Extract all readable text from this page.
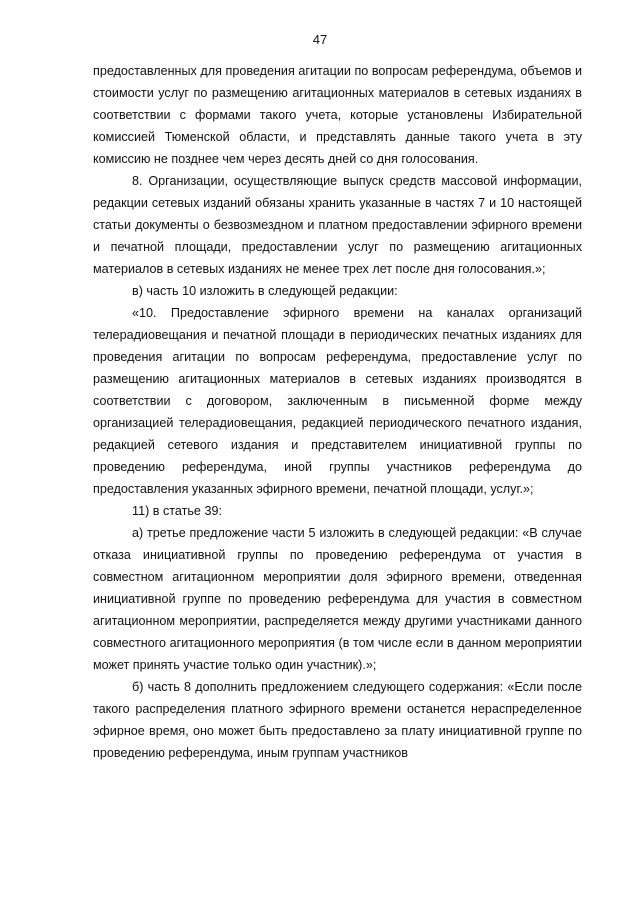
47

предоставленных для проведения агитации по вопросам референдума, объемов и стоимости услуг по размещению агитационных материалов в сетевых изданиях в соответствии с формами такого учета, которые установлены Избирательной комиссией Тюменской области, и представлять данные такого учета в эту комиссию не позднее чем через десять дней со дня голосования.

8. Организации, осуществляющие выпуск средств массовой информации, редакции сетевых изданий обязаны хранить указанные в частях 7 и 10 настоящей статьи документы о безвозмездном и платном предоставлении эфирного времени и печатной площади, предоставлении услуг по размещению агитационных материалов в сетевых изданиях не менее трех лет после дня голосования.»;

в) часть 10 изложить в следующей редакции:

«10. Предоставление эфирного времени на каналах организаций телерадиовещания и печатной площади в периодических печатных изданиях для проведения агитации по вопросам референдума, предоставление услуг по размещению агитационных материалов в сетевых изданиях производятся в соответствии с договором, заключенным в письменной форме между организацией телерадиовещания, редакцией периодического печатного издания, редакцией сетевого издания и представителем инициативной группы по проведению референдума, иной группы участников референдума до предоставления указанных эфирного времени, печатной площади, услуг.»;

11) в статье 39:

а) третье предложение части 5 изложить в следующей редакции: «В случае отказа инициативной группы по проведению референдума от участия в совместном агитационном мероприятии доля эфирного времени, отведенная инициативной группе по проведению референдума для участия в совместном агитационном мероприятии, распределяется между другими участниками данного совместного агитационного мероприятия (в том числе если в данном мероприятии может принять участие только один участник).»;

б) часть 8 дополнить предложением следующего содержания: «Если после такого распределения платного эфирного времени останется нераспределенное эфирное время, оно может быть предоставлено за плату инициативной группе по проведению референдума, иным группам участников
